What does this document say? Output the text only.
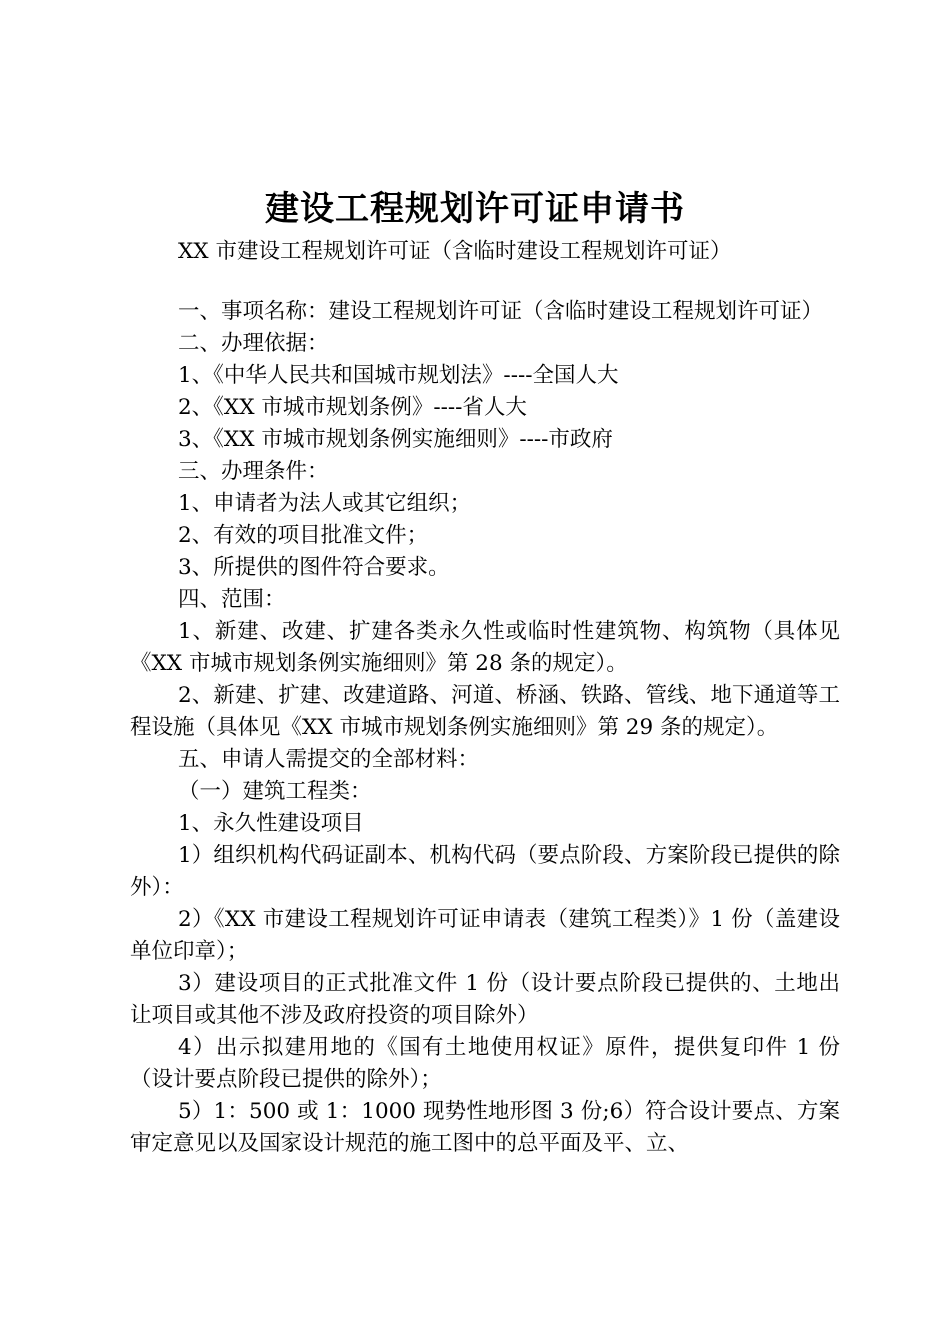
建设工程规划许可证申请书
XX 市建设工程规划许可证（含临时建设工程规划许可证）

一、事项名称：建设工程规划许可证（含临时建设工程规划许可证）

二、办理依据：

1、《中华人民共和国城市规划法》----全国人大

2、《XX 市城市规划条例》----省人大

3、《XX 市城市规划条例实施细则》----市政府

三、办理条件：

1、申请者为法人或其它组织；

2、有效的项目批准文件；

3、所提供的图件符合要求。

四、范围：

1、新建、改建、扩建各类永久性或临时性建筑物、构筑物（具体见《XX 市城市规划条例实施细则》第 28 条的规定）。

2、新建、扩建、改建道路、河道、桥涵、铁路、管线、地下通道等工程设施（具体见《XX 市城市规划条例实施细则》第 29 条的规定）。

五、申请人需提交的全部材料：

（一）建筑工程类：

1、永久性建设项目

1）组织机构代码证副本、机构代码（要点阶段、方案阶段已提供的除外）：

2）《XX 市建设工程规划许可证申请表（建筑工程类）》1 份（盖建设单位印章）；

3）建设项目的正式批准文件 1 份（设计要点阶段已提供的、土地出让项目或其他不涉及政府投资的项目除外）

4）出示拟建用地的《国有土地使用权证》原件，提供复印件 1 份（设计要点阶段已提供的除外）；

5）1：500 或 1：1000 现势性地形图 3 份;6）符合设计要点、方案审定意见以及国家设计规范的施工图中的总平面及平、立、
